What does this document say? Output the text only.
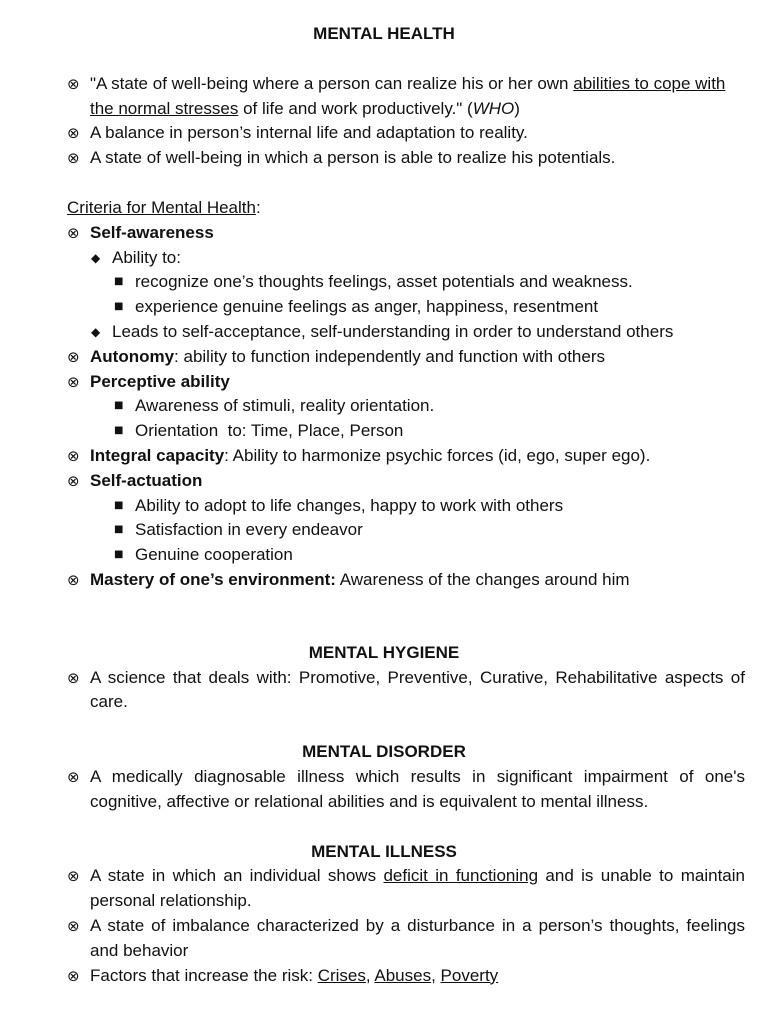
MENTAL HEALTH
⊗ "A state of well-being where a person can realize his or her own abilities to cope with the normal stresses of life and work productively." (WHO)
⊗ A balance in person’s internal life and adaptation to reality.
⊗ A state of well-being in which a person is able to realize his potentials.
Criteria for Mental Health:
⊗ Self-awareness
◆ Ability to:
■ recognize one’s thoughts feelings, asset potentials and weakness.
■ experience genuine feelings as anger, happiness, resentment
◆ Leads to self-acceptance, self-understanding in order to understand others
⊗ Autonomy: ability to function independently and function with others
⊗ Perceptive ability
■ Awareness of stimuli, reality orientation.
■ Orientation  to: Time, Place, Person
⊗ Integral capacity: Ability to harmonize psychic forces (id, ego, super ego).
⊗ Self-actuation
■ Ability to adopt to life changes, happy to work with others
■ Satisfaction in every endeavor
■ Genuine cooperation
⊗ Mastery of one’s environment: Awareness of the changes around him
MENTAL HYGIENE
⊗ A science that deals with: Promotive, Preventive, Curative, Rehabilitative aspects of care.
MENTAL DISORDER
⊗ A medically diagnosable illness which results in significant impairment of one's cognitive, affective or relational abilities and is equivalent to mental illness.
MENTAL ILLNESS
⊗ A state in which an individual shows deficit in functioning and is unable to maintain personal relationship.
⊗ A state of imbalance characterized by a disturbance in a person’s thoughts, feelings and behavior
⊗ Factors that increase the risk: Crises, Abuses, Poverty
